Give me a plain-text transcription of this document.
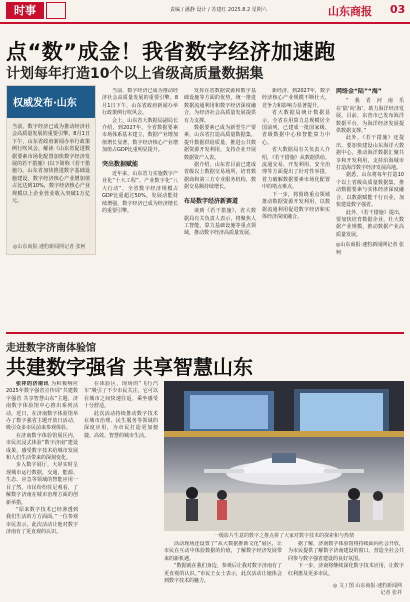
时事	责编 / 潘静 设计 / 苏建红 2025.8.2 星期六	山东商报 03
点“数”成金！我省数字经济加速跑
计划每年打造10个以上省级高质量数据集
权威发布·山东
当前，数字经济已成为推动经济社会高质量发展的重要引擎。8月1日下午，山东省政府新闻办举行政策例行吹风会，解读《山东省促进数据要素市场化配置加快数字经济发展的若干措施》(以下简称《若干措施》)。山东省加快推进数字基础设施建设，数字经济核心产业增加值占比达到10%，数字经济核心产业规模以上企业营业收入突破1万亿元。
◎山东商报·速豹新闻网记者 张柯

当前，数字经济已成为推动经济社会高质量发展的重要引擎。8月1日下午，山东省政府新闻办举行政策例行吹风会。

会上，山东省大数据局副局长介绍，到2027年，全省数据要素市场体系基本建立，数据产业增加值增长显著，数字经济核心产业增加值占GDP比重明显提升。

突出数据赋能

近年来，山东省力实施数字产业化“十大工程”、产业数字化“八大行动”，全省数字经济规模占GDP比重超过50%，发展动能持续增强，数字经济已成为经济增长的重要引擎。

发挥在省数据资源和数字基础设施等方面的优势，统一推进数据流通利用和数字经济深度融合，为经济社会高质量发展提供有力支撑。

数据要素已成为新型生产要素，山东省打造高质量数据集，提升数据供给质量，推进公共数据资源开发利用，支持企业开展数据资产入表。

据介绍，山东省目前已建成省级以上数据交易场所，培育数据商和第三方专业服务机构，数据交易额持续增长。

布局数字经济新赛道

谈到《若干措施》，省大数据局有关负责人表示，将聚焦人工智能、算力基础设施等重点领域，推动数字经济高质量发展。

新经济，到2027年，数字经济核心产业规模不断壮大，竞争力和影响力显著提升。

省大数据局统计数据显示，全省在用算力总规模居全国前列，已建成一批国家级、省级数据中心和智能算力中心。

省大数据局有关负责人介绍，《若干措施》从数据供给、流通交易、开发利用、安全治理等方面提出了针对性举措，着力破解数据要素市场化配置中的堵点难点。

下一步，将围绕重点领域推动数据资源开发利用，以数据流通利用促进数字经济和实体经济深度融合。

网络金“陆”“海”

“我省河南乐在‘陆’向‘海’，助力海洋经济发展。目前，东营市已发布海洋数据平台，为海洋经济发展提供数据支撑。”

此外，《若干措施》还提出，要加快建设山东海洋大数据中心，推动海洋数据汇聚共享和开发利用，支持沿海城市打造海洋数字经济发展高地。

据悉，山东将每年打造10个以上省级高质量数据集，推动数据要素与实体经济深度融合，以数据赋能千行百业，加快建设数字强省。

此外，《若干措施》提出，要加快培育数据企业，壮大数据产业规模，推动数据产业高质量发展。

◎山东商报·速豹新闻网记者 张柯

走进数字济南体验馆
共建数字强省 共享智慧山东

张祥的济南讯 为积极响应2025年数字强省宣传周“共建数字强省 共享智慧山东”主题，济南数字体验馆中心推出系列活动，近日，在济南数字体验馆举办了数字强省主题开放日活动，吸引众多市民前来参观体验。

在济南数字体验馆展区内，市民沉浸式体验“数字济南”建设成果，感受数字技术给城市发展和人们生活带来的深刻变化。

步入数字展厅，大屏实时呈现城市运行数据，交通、能源、生态、应急等领域的智能应用一目了然。市民纷纷驻足观看，了解数字济南在城市治理方面的创新举措。

“原来数字技术已经渗透到我们生活的方方面面。”一位参观市民表示，此次活动让他对数字济南有了更直观的认识。

在体验区，现场的“飞行汽车”吸引了不少市民关注，它可以在城市之间快速往返，乘坐感受十分舒适。

此次活动持续推动数字技术在城市治理、民生服务等领域的深度应用，为市民打造更加便捷、高效、智慧的城市生活。

一级影片生意的数字之推点拼了大家对数字技术的探索和与热情

活动现场还设置了“从大数据推新文化”展区，让市民在互动中体验数据的价值，了解数字经济发展带来的新机遇。

“数据就在我们身边，参观后让我对数字济南有了更直观的认识。”市民王女士表示，此次活动让她体会到数字技术的魅力。

据了解，济南数字体验馆将持续面向社会开放，为市民提供了解数字济南建设的窗口，营造全社会共同参与数字强省建设的良好氛围。

下一步，济南将继续深化数字技术应用，让数字红利惠及更多市民。

◎ 文 / 图 山东商报·速豹新闻网
记者 张祥
